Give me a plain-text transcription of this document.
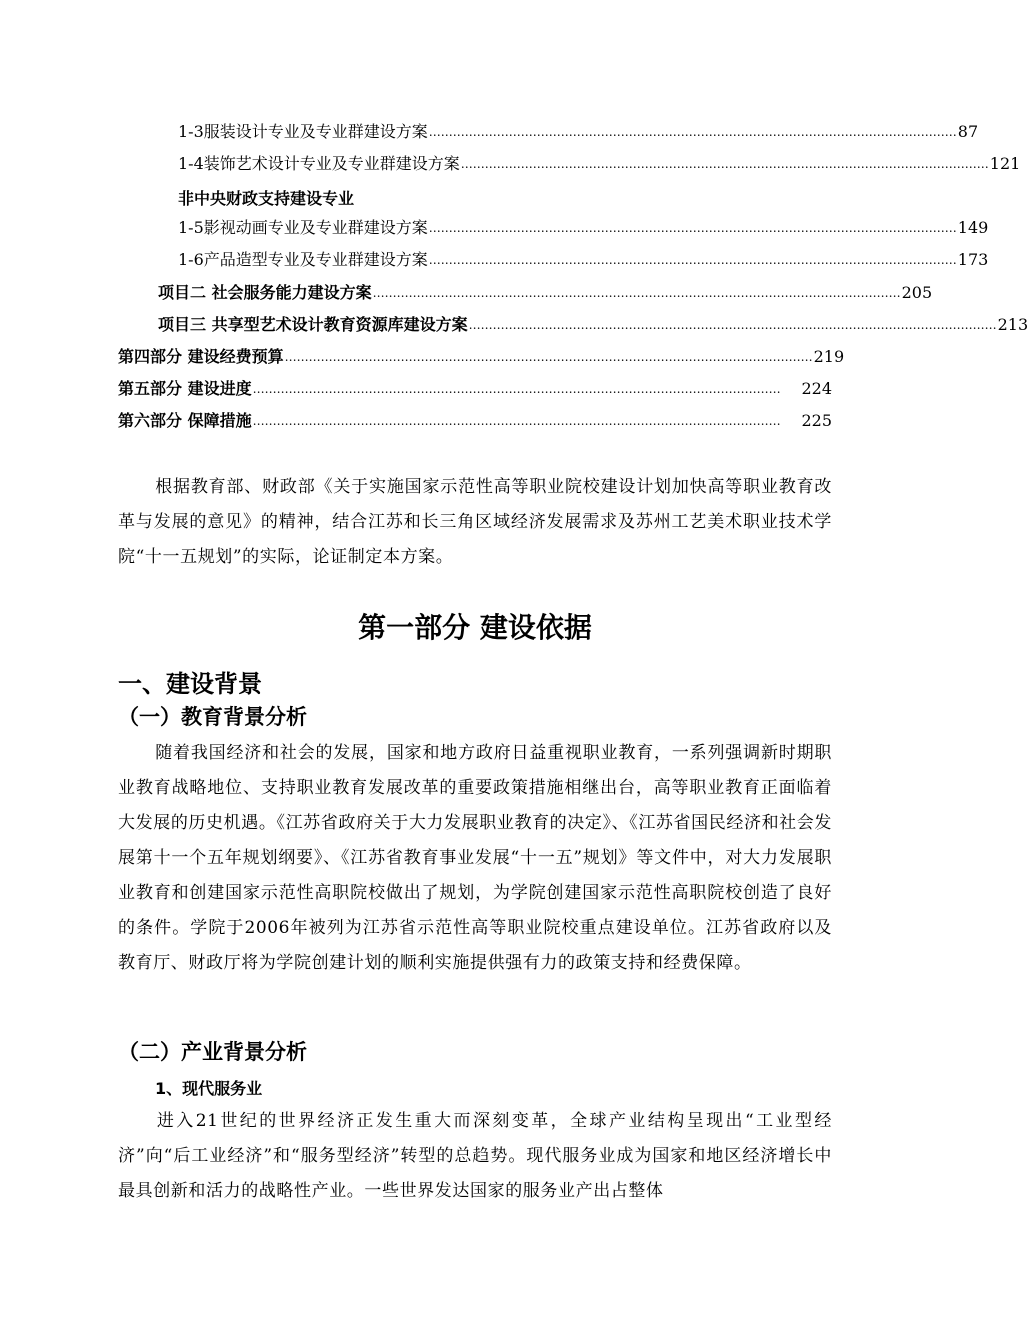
1-3服装设计专业及专业群建设方案 …………………………………………………………………………………………………………………… 87
1-4装饰艺术设计专业及专业群建设方案 …………………………………………………………………………………………………………………… 121
非中央财政支持建设专业
1-5影视动画专业及专业群建设方案 …………………………………………………………………………………………………………………… 149
1-6产品造型专业及专业群建设方案 …………………………………………………………………………………………………………………… 173
项目二 社会服务能力建设方案 …………………………………………………………………………………………………………………… 205
项目三 共享型艺术设计教育资源库建设方案 …………………………………………………………………………………………………………………… 213
第四部分 建设经费预算 …………………………………………………………………………………………………………………… 219
第五部分 建设进度 ……………………………………………………………………………………………………………………	224
第六部分 保障措施 ……………………………………………………………………………………………………………………	225
根据教育部、财政部《关于实施国家示范性高等职业院校建设计划加快高等职业教育改革与发展的意见》的精神，结合江苏和长三角区域经济发展需求及苏州工艺美术职业技术学院“十一五规划”的实际，论证制定本方案。
第一部分 建设依据
一、建设背景
（一）教育背景分析
随着我国经济和社会的发展，国家和地方政府日益重视职业教育，一系列强调新时期职业教育战略地位、支持职业教育发展改革的重要政策措施相继出台，高等职业教育正面临着大发展的历史机遇。《江苏省政府关于大力发展职业教育的决定》、《江苏省国民经济和社会发展第十一个五年规划纲要》、《江苏省教育事业发展“十一五”规划》等文件中，对大力发展职业教育和创建国家示范性高职院校做出了规划，为学院创建国家示范性高职院校创造了良好的条件。学院于2006年被列为江苏省示范性高等职业院校重点建设单位。江苏省政府以及教育厅、财政厅将为学院创建计划的顺利实施提供强有力的政策支持和经费保障。
（二）产业背景分析
1、现代服务业
进入21世纪的世界经济正发生重大而深刻变革，全球产业结构呈现出“工业型经济”向“后工业经济”和“服务型经济”转型的总趋势。现代服务业成为国家和地区经济增长中最具创新和活力的战略性产业。一些世界发达国家的服务业产出占整体
